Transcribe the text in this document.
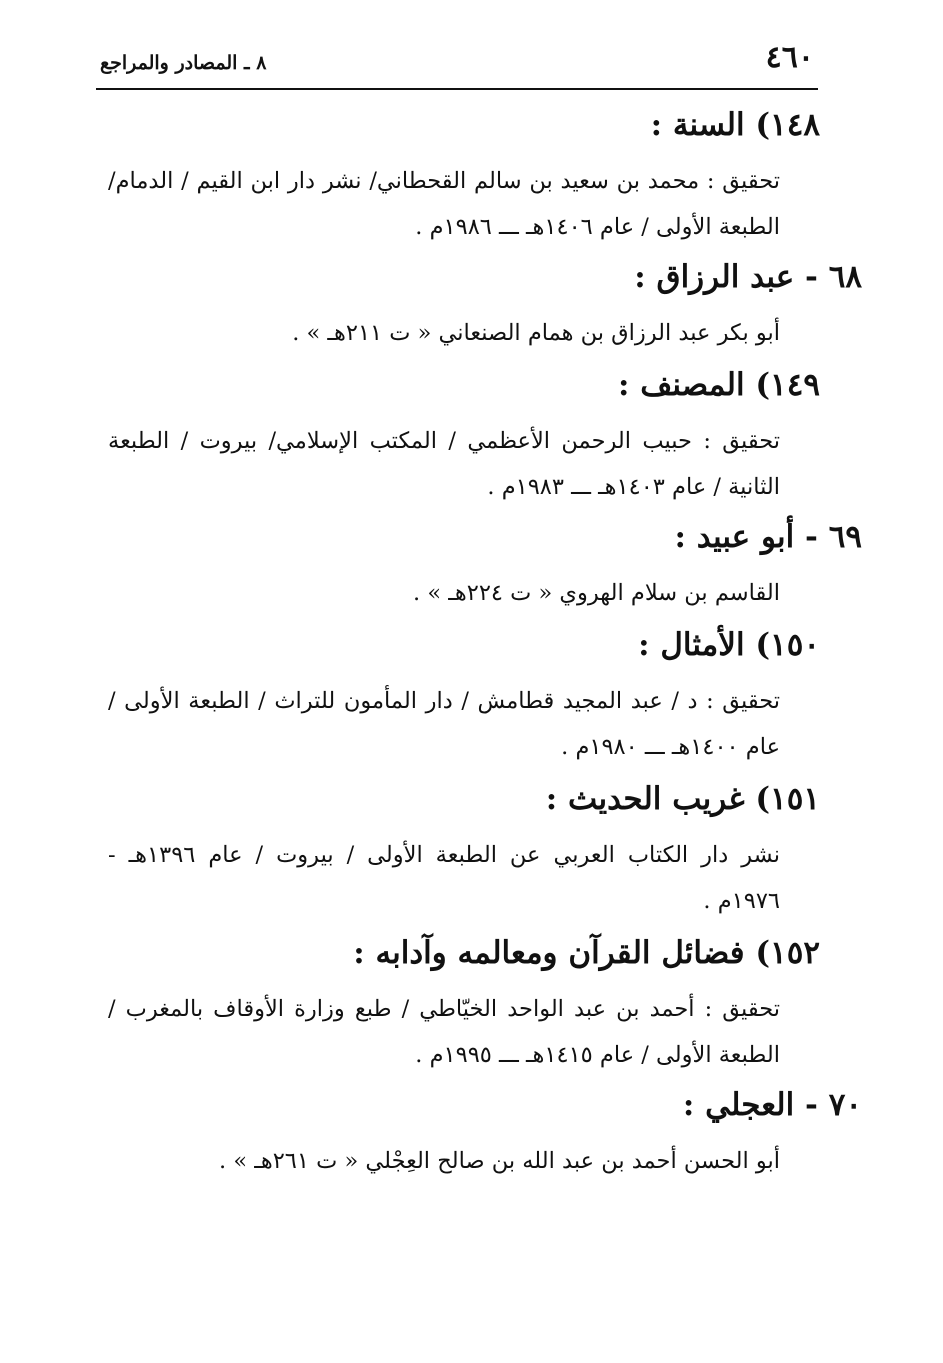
٤٦٠
٨ ـ المصادر والمراجع
١٤٨) السنة :
تحقيق : محمد بن سعيد بن سالم القحطاني/ نشر دار ابن القيم / الدمام/
الطبعة الأولى / عام ١٤٠٦هـ ـــ ١٩٨٦م .
٦٨ - عبد الرزاق :
أبو بكر عبد الرزاق بن همام الصنعاني « ت ٢١١هـ » .
١٤٩) المصنف :
تحقيق : حبيب الرحمن الأعظمي / المكتب الإسلامي/ بيروت / الطبعة
الثانية / عام ١٤٠٣هـ ـــ ١٩٨٣م .
٦٩ - أبو عبيد :
القاسم بن سلام الهروي « ت ٢٢٤هـ » .
١٥٠) الأمثال :
تحقيق : د / عبد المجيد قطامش / دار المأمون للتراث / الطبعة الأولى /
عام ١٤٠٠هـ ـــ ١٩٨٠م .
١٥١) غريب الحديث :
نشر دار الكتاب العربي عن الطبعة الأولى / بيروت / عام ١٣٩٦هـ -
١٩٧٦م .
١٥٢) فضائل القرآن ومعالمه وآدابه :
تحقيق : أحمد بن عبد الواحد الخيّاطي / طبع وزارة الأوقاف بالمغرب /
الطبعة الأولى / عام ١٤١٥هـ ـــ ١٩٩٥م .
٧٠ - العجلي :
أبو الحسن أحمد بن عبد الله بن صالح العِجْلي « ت ٢٦١هـ » .
